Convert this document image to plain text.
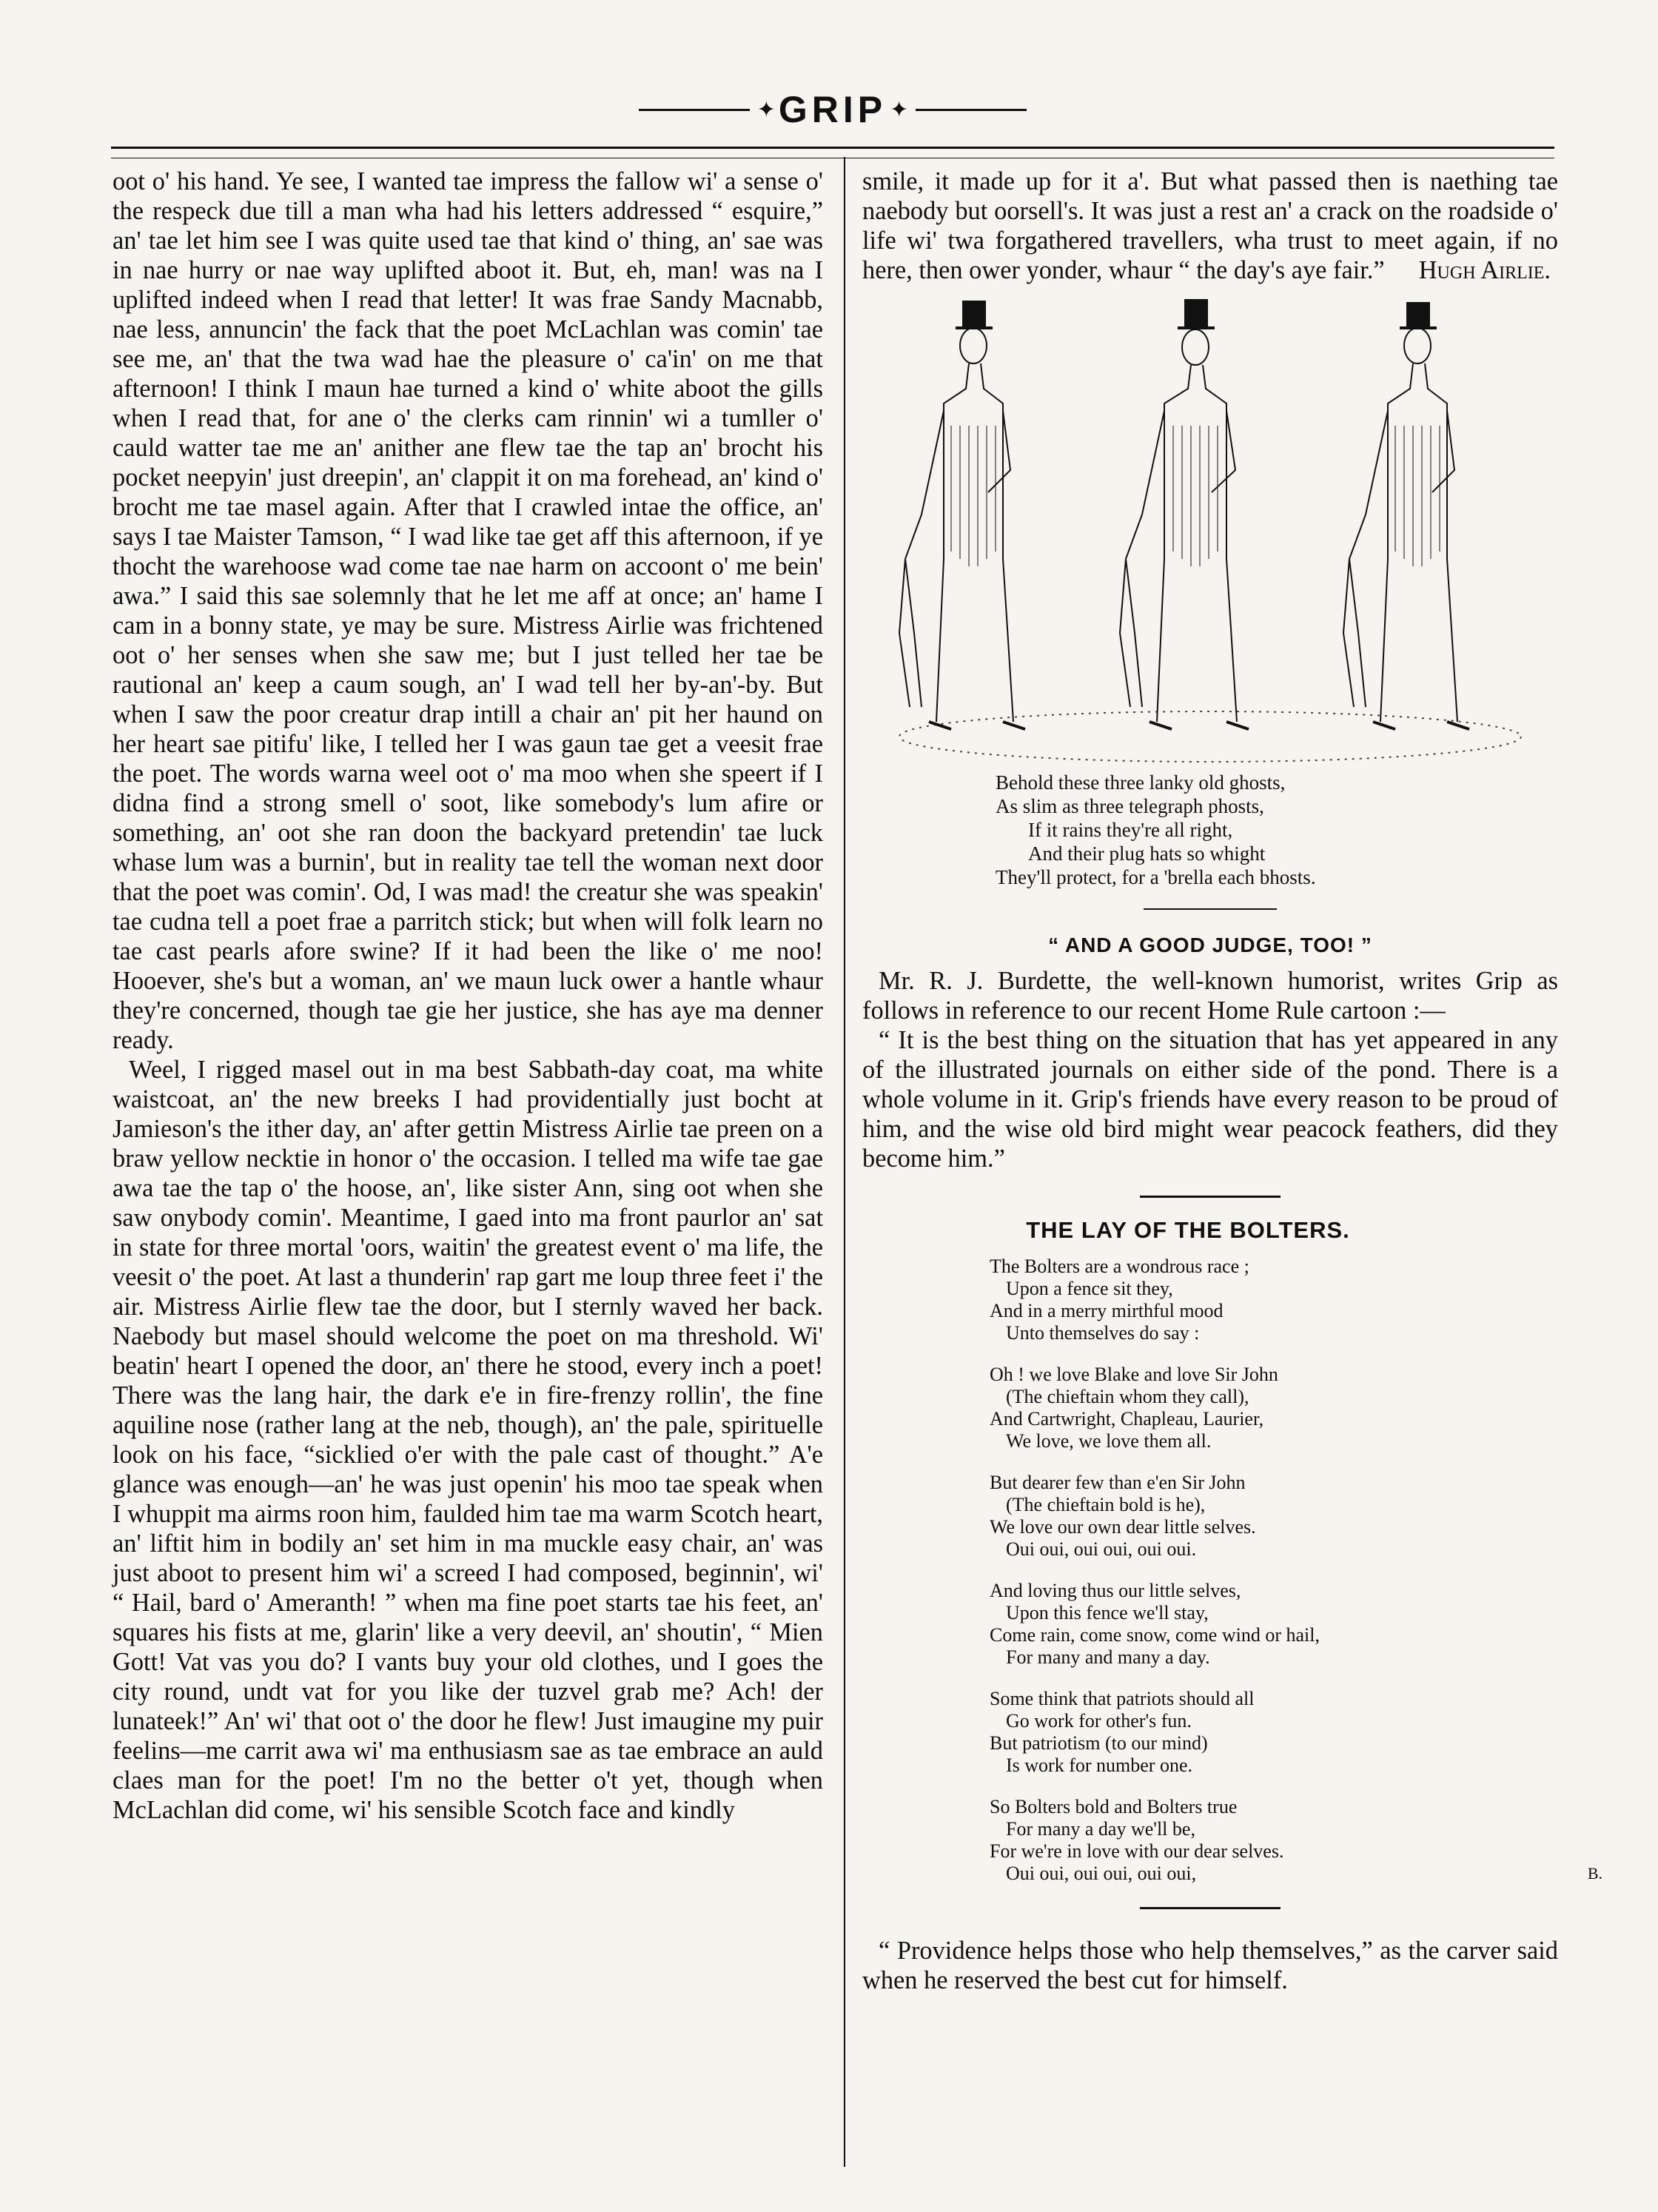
✦ GRIP ✦

oot o' his hand. Ye see, I wanted tae impress the fallow wi' a sense o' the respeck due till a man wha had his letters addressed “ esquire,” an' tae let him see I was quite used tae that kind o' thing, an' sae was in nae hurry or nae way uplifted aboot it. But, eh, man! was na I uplifted indeed when I read that letter! It was frae Sandy Macnabb, nae less, annuncin' the fack that the poet McLachlan was comin' tae see me, an' that the twa wad hae the pleasure o' ca'in' on me that afternoon! I think I maun hae turned a kind o' white aboot the gills when I read that, for ane o' the clerks cam rinnin' wi a tumller o' cauld watter tae me an' anither ane flew tae the tap an' brocht his pocket neepyin' just dreepin', an' clappit it on ma forehead, an' kind o' brocht me tae masel again. After that I crawled intae the office, an' says I tae Maister Tamson, “ I wad like tae get aff this afternoon, if ye thocht the warehoose wad come tae nae harm on accoont o' me bein' awa.” I said this sae solemnly that he let me aff at once; an' hame I cam in a bonny state, ye may be sure. Mistress Airlie was frichtened oot o' her senses when she saw me; but I just telled her tae be rautional an' keep a caum sough, an' I wad tell her by-an'-by. But when I saw the poor creatur drap intill a chair an' pit her haund on her heart sae pitifu' like, I telled her I was gaun tae get a veesit frae the poet. The words warna weel oot o' ma moo when she speert if I didna find a strong smell o' soot, like somebody's lum afire or something, an' oot she ran doon the backyard pretendin' tae luck whase lum was a burnin', but in reality tae tell the woman next door that the poet was comin'. Od, I was mad! the creatur she was speakin' tae cudna tell a poet frae a parritch stick; but when will folk learn no tae cast pearls afore swine? If it had been the like o' me noo! Hooever, she's but a woman, an' we maun luck ower a hantle whaur they're concerned, though tae gie her justice, she has aye ma denner ready.

Weel, I rigged masel out in ma best Sabbath-day coat, ma white waistcoat, an' the new breeks I had providentially just bocht at Jamieson's the ither day, an' after gettin Mistress Airlie tae preen on a braw yellow necktie in honor o' the occasion. I telled ma wife tae gae awa tae the tap o' the hoose, an', like sister Ann, sing oot when she saw onybody comin'. Meantime, I gaed into ma front paurlor an' sat in state for three mortal 'oors, waitin' the greatest event o' ma life, the veesit o' the poet. At last a thunderin' rap gart me loup three feet i' the air. Mistress Airlie flew tae the door, but I sternly waved her back. Naebody but masel should welcome the poet on ma threshold. Wi' beatin' heart I opened the door, an' there he stood, every inch a poet! There was the lang hair, the dark e'e in fire-frenzy rollin', the fine aquiline nose (rather lang at the neb, though), an' the pale, spirituelle look on his face, “sicklied o'er with the pale cast of thought.” A'e glance was enough—an' he was just openin' his moo tae speak when I whuppit ma airms roon him, faulded him tae ma warm Scotch heart, an' liftit him in bodily an' set him in ma muckle easy chair, an' was just aboot to present him wi' a screed I had composed, beginnin', wi' “ Hail, bard o' Ameranth! ” when ma fine poet starts tae his feet, an' squares his fists at me, glarin' like a very deevil, an' shoutin', “ Mien Gott! Vat vas you do? I vants buy your old clothes, und I goes the city round, undt vat for you like der tuzvel grab me? Ach! der lunateek!” An' wi' that oot o' the door he flew! Just imaugine my puir feelins—me carrit awa wi' ma enthusiasm sae as tae embrace an auld claes man for the poet! I'm no the better o't yet, though when McLachlan did come, wi' his sensible Scotch face and kindly

smile, it made up for it a'. But what passed then is naething tae naebody but oorsell's. It was just a rest an' a crack on the roadside o' life wi' twa forgathered travellers, wha trust to meet again, if no here, then ower yonder, whaur “ the day's aye fair.” Hugh Airlie.

Behold these three lanky old ghosts,
As slim as three telegraph phosts,
If it rains they're all right,
And their plug hats so whight
They'll protect, for a 'brella each bhosts.
“ AND A GOOD JUDGE, TOO! ”

Mr. R. J. Burdette, the well-known humorist, writes Grip as follows in reference to our recent Home Rule cartoon :—

“ It is the best thing on the situation that has yet appeared in any of the illustrated journals on either side of the pond. There is a whole volume in it. Grip's friends have every reason to be proud of him, and the wise old bird might wear peacock feathers, did they become him.”

THE LAY OF THE BOLTERS.
The Bolters are a wondrous race ;
Upon a fence sit they,
And in a merry mirthful mood
Unto themselves do say :
Oh ! we love Blake and love Sir John
(The chieftain whom they call),
And Cartwright, Chapleau, Laurier,
We love, we love them all.
But dearer few than e'en Sir John
(The chieftain bold is he),
We love our own dear little selves.
Oui oui, oui oui, oui oui.
And loving thus our little selves,
Upon this fence we'll stay,
Come rain, come snow, come wind or hail,
For many and many a day.
Some think that patriots should all
Go work for other's fun.
But patriotism (to our mind)
Is work for number one.
So Bolters bold and Bolters true
For many a day we'll be,
For we're in love with our dear selves.
Oui oui, oui oui, oui oui,	B.

“ Providence helps those who help themselves,” as the carver said when he reserved the best cut for himself.
